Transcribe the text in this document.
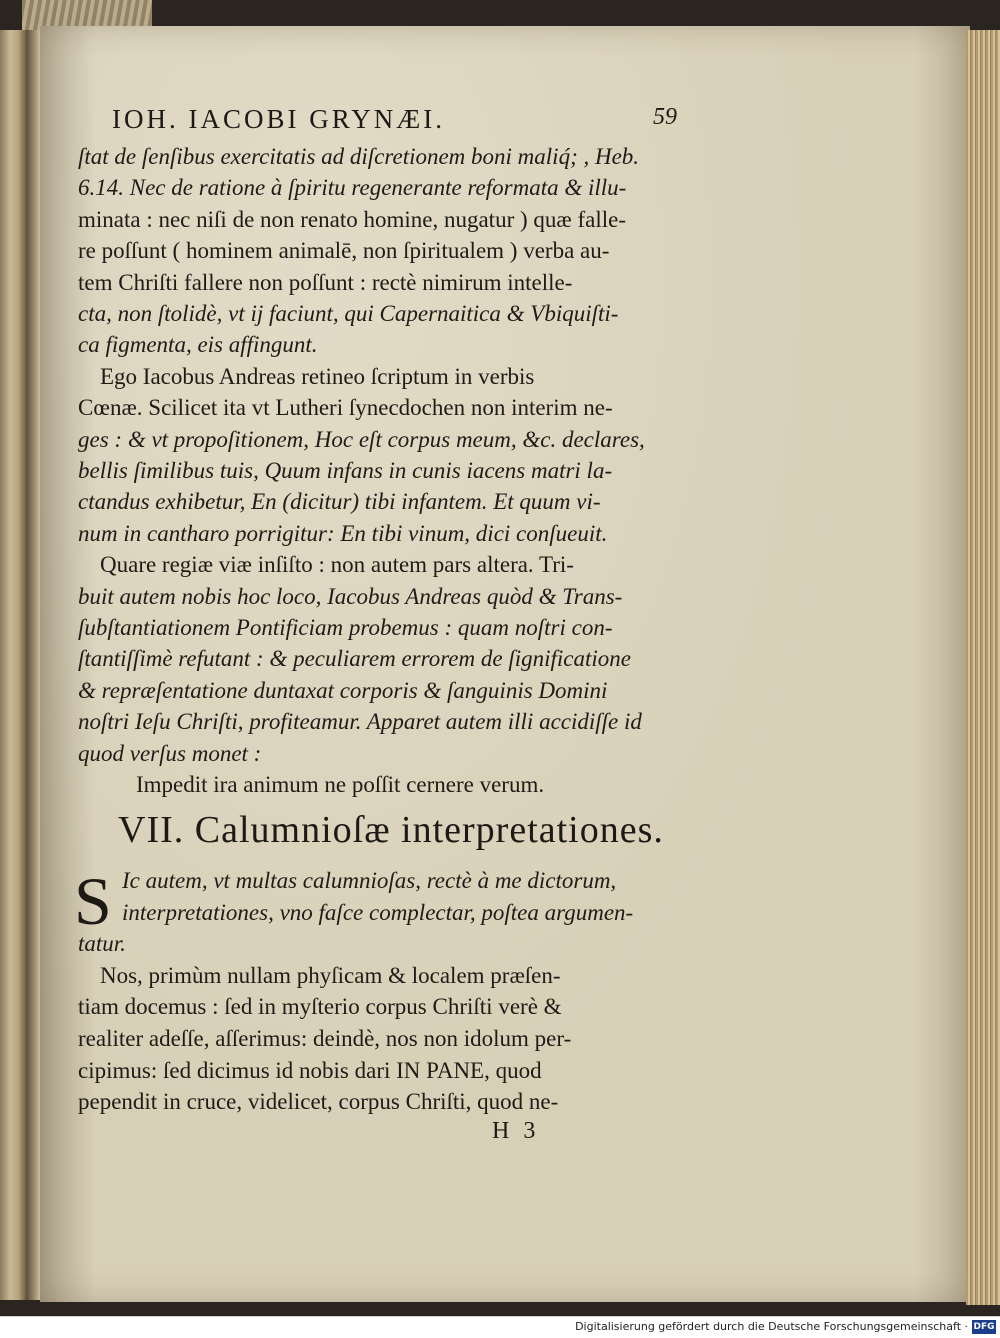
IOH. IACOBI GRYNÆI.	59
ſtat de ſenſibus exercitatis ad diſcretionem boni maliq́; , Heb.
6.14. Nec de ratione à ſpiritu regenerante reformata & illu-
minata : nec niſi de non renato homine, nugatur ) quæ falle-
re poſſunt ( hominem animalē, non ſpiritualem ) verba au-
tem Chriſti fallere non poſſunt : rectè nimirum intelle-
cta, non ſtolidè, vt ij faciunt, qui Capernaitica & Vbiquiſti-
ca figmenta, eis affingunt.
Ego Iacobus Andreas retineo ſcriptum in verbis
Cœnæ. Scilicet ita vt Lutheri ſynecdochen non interim ne-
ges : & vt propoſitionem, Hoc eſt corpus meum, &c. declares,
bellis ſimilibus tuis, Quum infans in cunis iacens matri la-
ctandus exhibetur, En (dicitur) tibi infantem. Et quum vi-
num in cantharo porrigitur: En tibi vinum, dici conſueuit.
Quare regiæ viæ inſiſto : non autem pars altera. Tri-
buit autem nobis hoc loco, Iacobus Andreas quòd & Trans-
ſubſtantiationem Pontificiam probemus : quam noſtri con-
ſtantiſſimè refutant : & peculiarem errorem de ſignificatione
& repræſentatione duntaxat corporis & ſanguinis Domini
noſtri Ieſu Chriſti, profiteamur. Apparet autem illi accidiſſe id
quod verſus monet :
Impedit ira animum ne poſſit cernere verum.
VII. Calumnioſæ interpretationes.
S Ic autem, vt multas calumnioſas, rectè à me dictorum,
interpretationes, vno faſce complectar, poſtea argumen-
tatur.
Nos, primùm nullam phyſicam & localem præſen-
tiam docemus : ſed in myſterio corpus Chriſti verè &
realiter adeſſe, aſſerimus: deindè, nos non idolum per-
cipimus: ſed dicimus id nobis dari IN PANE, quod
pependit in cruce, videlicet, corpus Chriſti, quod ne-
H 3
Digitalisierung gefördert durch die Deutsche Forschungsgemeinschaft · DFG
